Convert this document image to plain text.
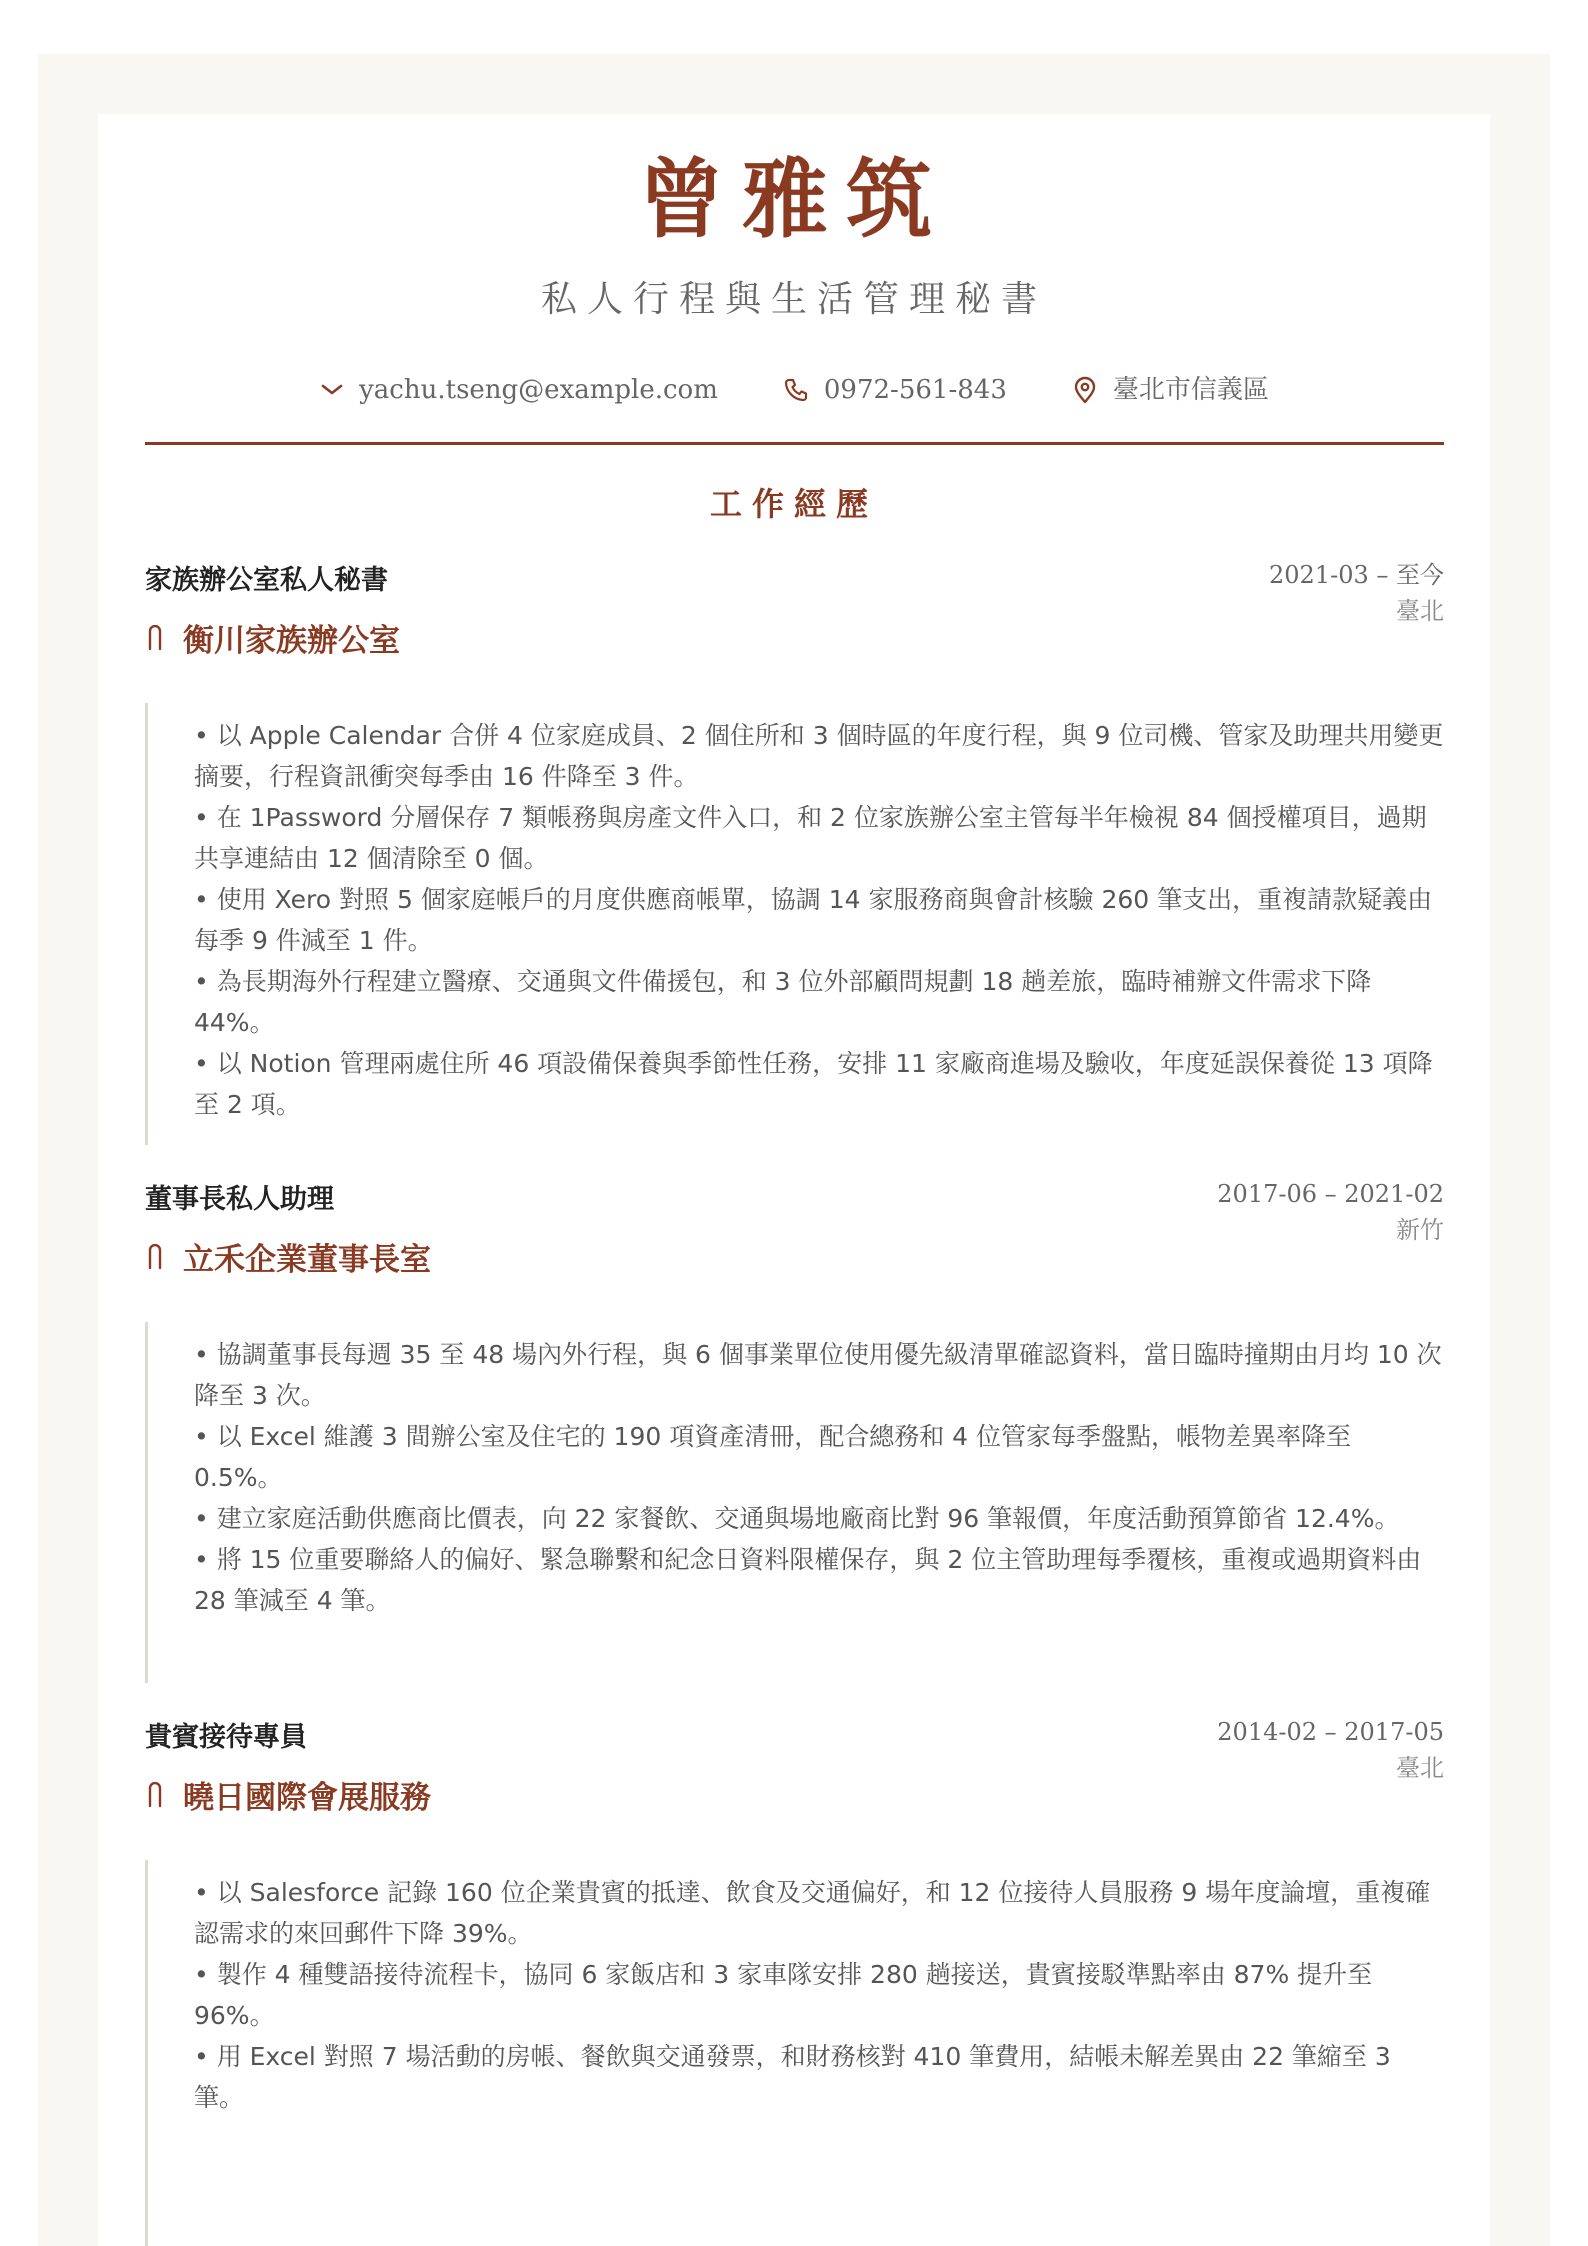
曾雅筑
私人行程與生活管理秘書
yachu.tseng@example.com	0972-561-843	臺北市信義區
工作經歷
家族辦公室私人秘書	2021-03 – 至今
臺北
衡川家族辦公室
• 以 Apple Calendar 合併 4 位家庭成員、2 個住所和 3 個時區的年度行程，與 9 位司機、管家及助理共用變更摘要，行程資訊衝突每季由 16 件降至 3 件。
• 在 1Password 分層保存 7 類帳務與房產文件入口，和 2 位家族辦公室主管每半年檢視 84 個授權項目，過期共享連結由 12 個清除至 0 個。
• 使用 Xero 對照 5 個家庭帳戶的月度供應商帳單，協調 14 家服務商與會計核驗 260 筆支出，重複請款疑義由每季 9 件減至 1 件。
• 為長期海外行程建立醫療、交通與文件備援包，和 3 位外部顧問規劃 18 趟差旅，臨時補辦文件需求下降 44%。
• 以 Notion 管理兩處住所 46 項設備保養與季節性任務，安排 11 家廠商進場及驗收，年度延誤保養從 13 項降至 2 項。
董事長私人助理	2017-06 – 2021-02
新竹
立禾企業董事長室
• 協調董事長每週 35 至 48 場內外行程，與 6 個事業單位使用優先級清單確認資料，當日臨時撞期由月均 10 次降至 3 次。
• 以 Excel 維護 3 間辦公室及住宅的 190 項資產清冊，配合總務和 4 位管家每季盤點，帳物差異率降至 0.5%。
• 建立家庭活動供應商比價表，向 22 家餐飲、交通與場地廠商比對 96 筆報價，年度活動預算節省 12.4%。
• 將 15 位重要聯絡人的偏好、緊急聯繫和紀念日資料限權保存，與 2 位主管助理每季覆核，重複或過期資料由 28 筆減至 4 筆。
貴賓接待專員	2014-02 – 2017-05
臺北
曉日國際會展服務
• 以 Salesforce 記錄 160 位企業貴賓的抵達、飲食及交通偏好，和 12 位接待人員服務 9 場年度論壇，重複確認需求的來回郵件下降 39%。
• 製作 4 種雙語接待流程卡，協同 6 家飯店和 3 家車隊安排 280 趟接送，貴賓接駁準點率由 87% 提升至 96%。
• 用 Excel 對照 7 場活動的房帳、餐飲與交通發票，和財務核對 410 筆費用，結帳未解差異由 22 筆縮至 3 筆。
